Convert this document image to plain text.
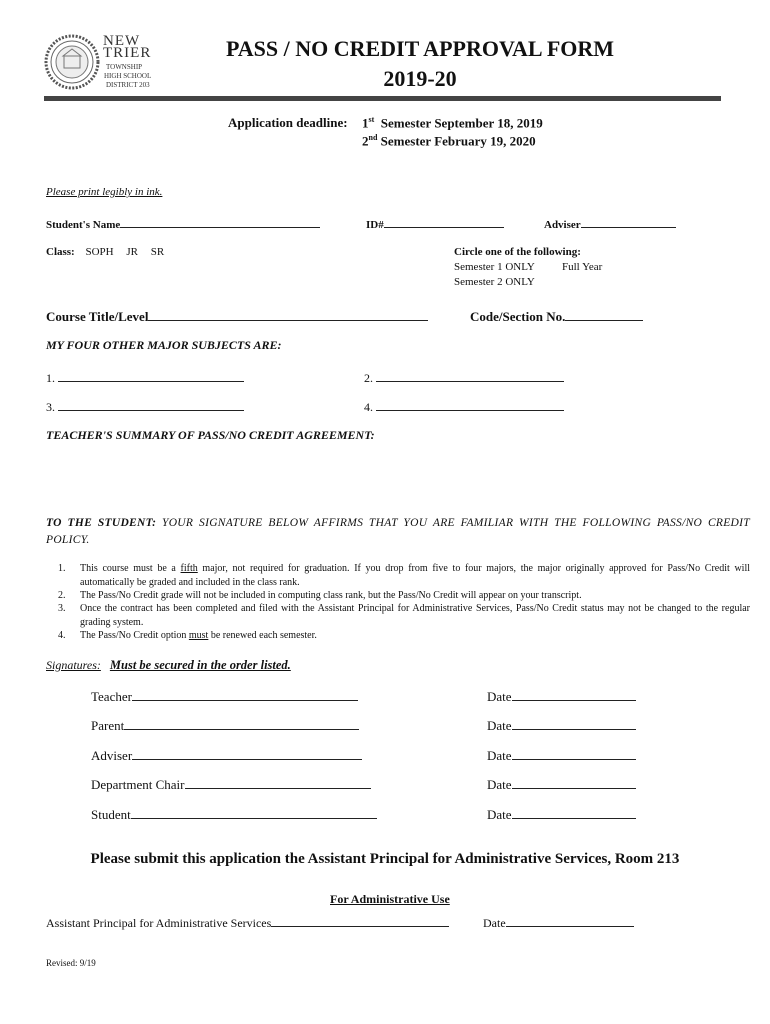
NEW
TRIER
TOWNSHIP
HIGH SCHOOL
DISTRICT 203
PASS / NO CREDIT APPROVAL FORM
2019-20
Application deadline: 1st Semester September 18, 2019
2nd Semester February 19, 2020
Please print legibly in ink.
Student's Name	ID#	Adviser
Class: SOPH JR SR	Circle one of the following:
Semester 1 ONLY Full Year
Semester 2 ONLY
Course Title/Level	Code/Section No.
MY FOUR OTHER MAJOR SUBJECTS ARE:
1.	2.
3.	4.
TEACHER'S SUMMARY OF PASS/NO CREDIT AGREEMENT:
TO THE STUDENT: YOUR SIGNATURE BELOW AFFIRMS THAT YOU ARE FAMILIAR WITH THE FOLLOWING PASS/NO CREDIT POLICY.
1. This course must be a fifth major, not required for graduation. If you drop from five to four majors, the major originally approved for Pass/No Credit will automatically be graded and included in the class rank.
2. The Pass/No Credit grade will not be included in computing class rank, but the Pass/No Credit will appear on your transcript.
3. Once the contract has been completed and filed with the Assistant Principal for Administrative Services, Pass/No Credit status may not be changed to the regular grading system.
4. The Pass/No Credit option must be renewed each semester.
Signatures: Must be secured in the order listed.
Teacher	Date
Parent	Date
Adviser	Date
Department Chair	Date
Student	Date
Please submit this application the Assistant Principal for Administrative Services, Room 213
For Administrative Use
Assistant Principal for Administrative Services	Date
Revised: 9/19
